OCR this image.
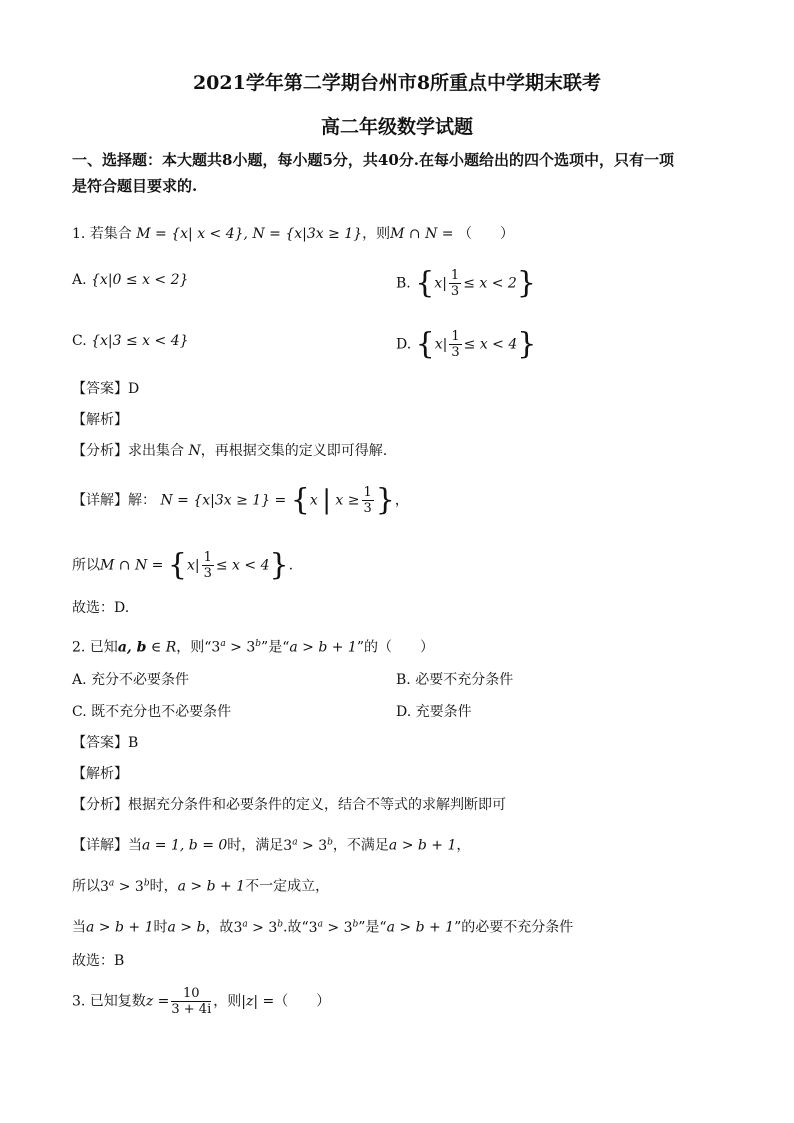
2021学年第二学期台州市8所重点中学期末联考
高二年级数学试题
一、选择题：本大题共8小题，每小题5分，共40分.在每小题给出的四个选项中，只有一项
是符合题目要求的.
1. 若集合 M = {x| x < 4}, N = {x|3x ≥ 1}，则M ∩ N = （　　）
A. {x|0 ≤ x < 2}	B. $\{x| \frac{1}{3} \le x < 2\}$
C. {x|3 ≤ x < 4}	D. $\{x| \frac{1}{3} \le x < 4\}$
【答案】D
【解析】
【分析】求出集合 N，再根据交集的定义即可得解.
【详解】解： N = {x|3x ≥ 1} = {x | $x \ge \frac{1}{3}$ }，
所以M ∩ $N = \{x| \frac{1}{3} \le x < 4\}$.
故选：D.
2. 已知a, b ∈ R，则“$3^a > 3^b$”是“a > b + 1”的（　　）
A. 充分不必要条件	B. 必要不充分条件
C. 既不充分也不必要条件	D. 充要条件
【答案】B
【解析】
【分析】根据充分条件和必要条件的定义，结合不等式的求解判断即可
【详解】当a = 1, b = 0时，满足$3^a > 3^b$，不满足a > b + 1，
所以$3^a > 3^b$时，a > b + 1不一定成立，
当a > b + 1时a > b，故$3^a > 3^b$.故“$3^a > 3^b$”是“a > b + 1”的必要不充分条件
故选：B
3. 已知复数$z = \frac{10}{3 + 4i}$ ，则|z| =（　　）
